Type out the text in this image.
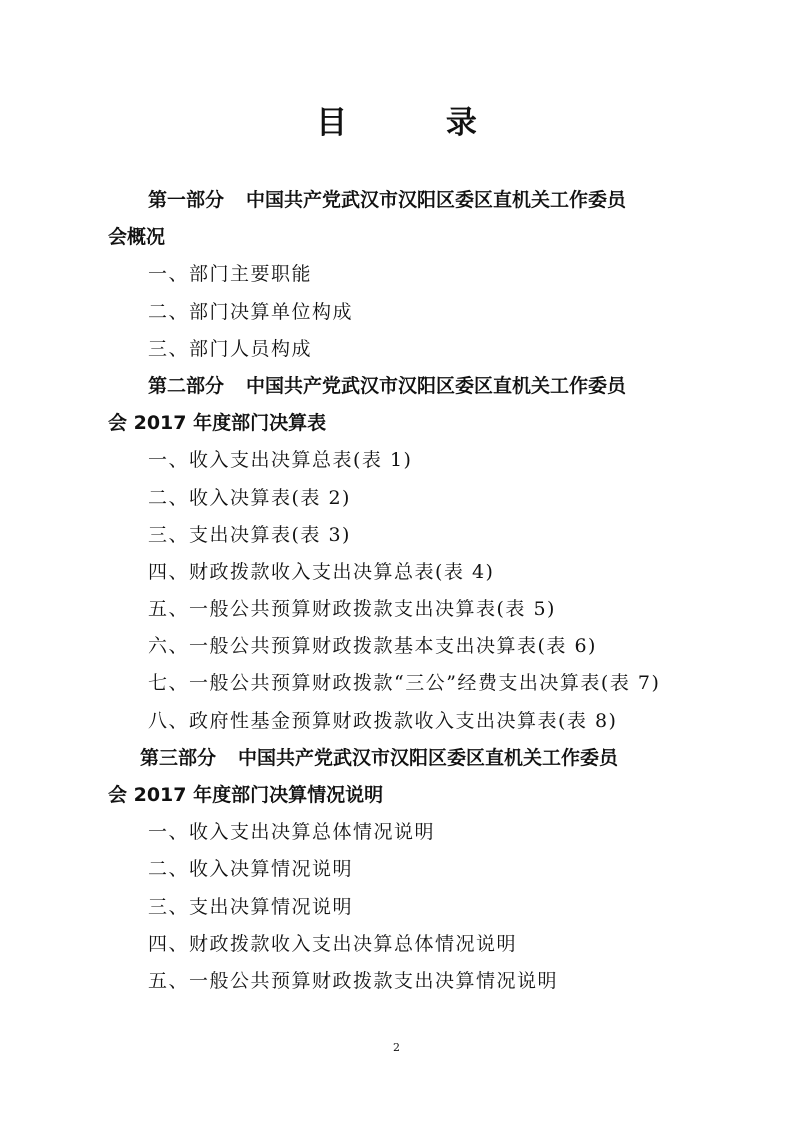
目 录
第一部分 中国共产党武汉市汉阳区委区直机关工作委员
会概况
一、部门主要职能
二、部门决算单位构成
三、部门人员构成
第二部分 中国共产党武汉市汉阳区委区直机关工作委员
会 2017 年度部门决算表
一、收入支出决算总表(表 1)
二、收入决算表(表 2)
三、支出决算表(表 3)
四、财政拨款收入支出决算总表(表 4)
五、一般公共预算财政拨款支出决算表(表 5)
六、一般公共预算财政拨款基本支出决算表(表 6)
七、一般公共预算财政拨款“三公”经费支出决算表(表 7)
八、政府性基金预算财政拨款收入支出决算表(表 8)
第三部分 中国共产党武汉市汉阳区委区直机关工作委员
会 2017 年度部门决算情况说明
一、收入支出决算总体情况说明
二、收入决算情况说明
三、支出决算情况说明
四、财政拨款收入支出决算总体情况说明
五、一般公共预算财政拨款支出决算情况说明
2
